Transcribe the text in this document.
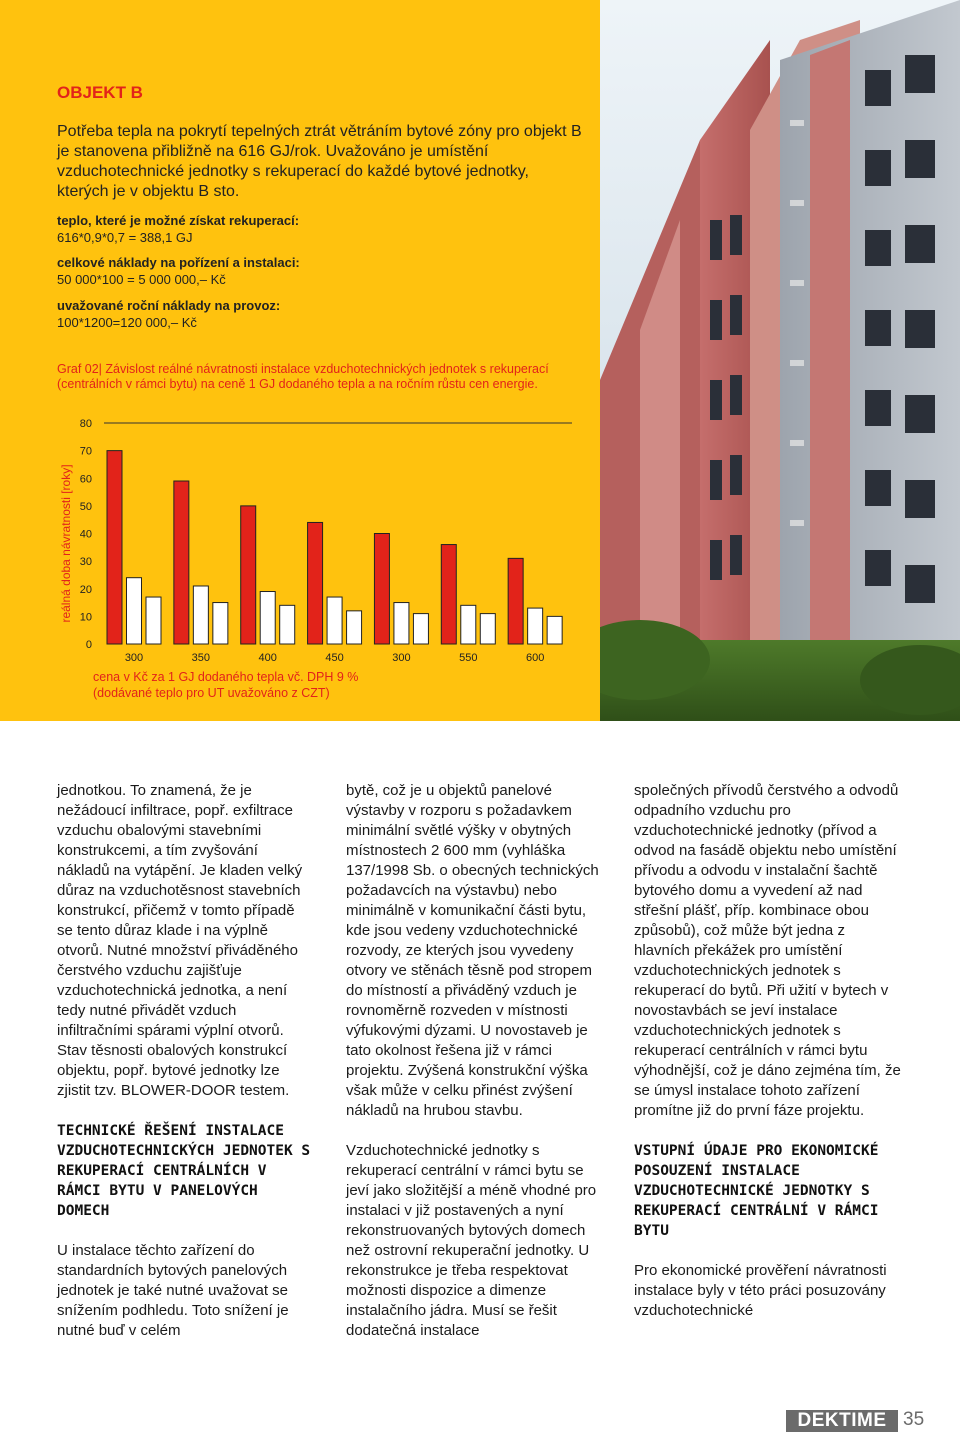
OBJEKT B
Potřeba tepla na pokrytí tepelných ztrát větráním bytové zóny pro objekt B je stanovena přibližně na 616 GJ/rok. Uvažováno je umístění vzduchotechnické jednotky s rekuperací do každé bytové jednotky, kterých je v objektu B sto.
teplo, které je možné získat rekuperací:
616*0,9*0,7 = 388,1 GJ
celkové náklady na pořízení a instalaci:
50 000*100 = 5 000 000,– Kč
uvažované roční náklady na provoz:
100*1200=120 000,– Kč
Graf 02| Závislost reálné návratnosti instalace vzduchotechnických jednotek s rekuperací (centrálních v rámci bytu) na ceně 1 GJ dodaného tepla a na ročním růstu cen energie.
0
10
20
30
40
50
60
70
80
reálná doba návratnosti [roky]
300	350	400	450	300	550	600
cena v Kč za 1 GJ dodaného tepla vč. DPH 9 %
(dodávané teplo pro UT uvažováno z CZT)

jednotkou. To znamená, že je nežádoucí infiltrace, popř. exfiltrace vzduchu obalovými stavebními konstrukcemi, a tím zvyšování nákladů na vytápění. Je kladen velký důraz na vzduchotěsnost stavebních konstrukcí, přičemž v tomto případě se tento důraz klade i na výplně otvorů. Nutné množství přiváděného čerstvého vzduchu zajišťuje vzduchotechnická jednotka, a není tedy nutné přivádět vzduch infiltračními spárami výplní otvorů. Stav těsnosti obalových konstrukcí objektu, popř. bytové jednotky lze zjistit tzv. BLOWER-DOOR testem.

TECHNICKÉ ŘEŠENÍ INSTALACE VZDUCHOTECHNICKÝCH JEDNOTEK S REKUPERACÍ CENTRÁLNÍCH V RÁMCI BYTU V PANELOVÝCH DOMECH

U instalace těchto zařízení do standardních bytových panelových jednotek je také nutné uvažovat se snížením podhledu. Toto snížení je nutné buď v celém

bytě, což je u objektů panelové výstavby v rozporu s požadavkem minimální světlé výšky v obytných místnostech 2 600 mm (vyhláška 137/1998 Sb. o obecných technických požadavcích na výstavbu) nebo minimálně v komunikační části bytu, kde jsou vedeny vzduchotechnické rozvody, ze kterých jsou vyvedeny otvory ve stěnách těsně pod stropem do místností a přiváděný vzduch je rovnoměrně rozveden v místnosti výfukovými dýzami. U novostaveb je tato okolnost řešena již v rámci projektu. Zvýšená konstrukční výška však může v celku přinést zvýšení nákladů na hrubou stavbu.

Vzduchotechnické jednotky s rekuperací centrální v rámci bytu se jeví jako složitější a méně vhodné pro instalaci v již postavených a nyní rekonstruovaných bytových domech než ostrovní rekuperační jednotky. U rekonstrukce je třeba respektovat možnosti dispozice a dimenze instalačního jádra. Musí se řešit dodatečná instalace

společných přívodů čerstvého a odvodů odpadního vzduchu pro vzduchotechnické jednotky (přívod a odvod na fasádě objektu nebo umístění přívodu a odvodu v instalační šachtě bytového domu a vyvedení až nad střešní plášť, příp. kombinace obou způsobů), což může být jedna z hlavních překážek pro umístění vzduchotechnických jednotek s rekuperací do bytů. Při užití v bytech v novostavbách se jeví instalace vzduchotechnických jednotek s rekuperací centrálních v rámci bytu výhodnější, což je dáno zejména tím, že se úmysl instalace tohoto zařízení promítne již do první fáze projektu.

VSTUPNÍ ÚDAJE PRO EKONOMICKÉ POSOUZENÍ INSTALACE VZDUCHOTECHNICKÉ JEDNOTKY S REKUPERACÍ CENTRÁLNÍ V RÁMCI BYTU

Pro ekonomické prověření návratnosti instalace byly v této práci posuzovány vzduchotechnické

DEKTIME 35
